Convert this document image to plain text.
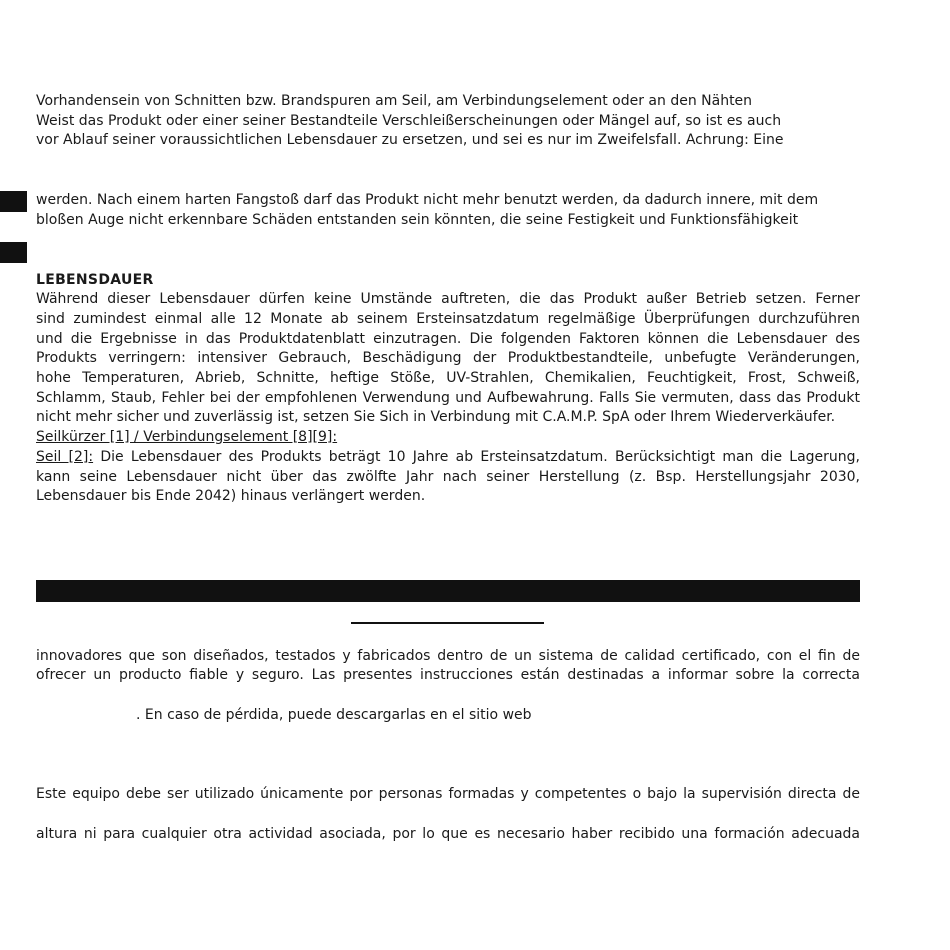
Vorhandensein von Schnitten bzw. Brandspuren am Seil, am Verbindungselement oder an den Nähten
Weist das Produkt oder einer seiner Bestandteile Verschleißerscheinungen oder Mängel auf, so ist es auch
vor Ablauf seiner voraussichtlichen Lebensdauer zu ersetzen, und sei es nur im Zweifelsfall. Achrung: Eine
werden. Nach einem harten Fangstoß darf das Produkt nicht mehr benutzt werden, da dadurch innere, mit dem
bloßen Auge nicht erkennbare Schäden entstanden sein könnten, die seine Festigkeit und Funktionsfähigkeit
LEBENSDAUER
Während dieser Lebensdauer dürfen keine Umstände auftreten, die das Produkt außer Betrieb setzen. Ferner
sind zumindest einmal alle 12 Monate ab seinem Ersteinsatzdatum regelmäßige Überprüfungen durchzuführen
und die Ergebnisse in das Produktdatenblatt einzutragen. Die folgenden Faktoren können die Lebensdauer des
Produkts verringern: intensiver Gebrauch, Beschädigung der Produktbestandteile, unbefugte Veränderungen,
hohe Temperaturen, Abrieb, Schnitte, heftige Stöße, UV-Strahlen, Chemikalien, Feuchtigkeit, Frost, Schweiß,
Schlamm, Staub, Fehler bei der empfohlenen Verwendung und Aufbewahrung. Falls Sie vermuten, dass das Produkt
nicht mehr sicher und zuverlässig ist, setzen Sie Sich in Verbindung mit C.A.M.P. SpA oder Ihrem Wiederverkäufer.
Seilkürzer [1] / Verbindungselement [8][9]:
Seil [2]: Die Lebensdauer des Produkts beträgt 10 Jahre ab Ersteinsatzdatum. Berücksichtigt man die Lagerung,
kann seine Lebensdauer nicht über das zwölfte Jahr nach seiner Herstellung (z. Bsp. Herstellungsjahr 2030,
Lebensdauer bis Ende 2042) hinaus verlängert werden.
innovadores que son diseñados, testados y fabricados dentro de un sistema de calidad certificado, con el fin de
ofrecer un producto fiable y seguro. Las presentes instrucciones están destinadas a informar sobre la correcta
. En caso de pérdida, puede descargarlas en el sitio web
Este equipo debe ser utilizado únicamente por personas formadas y competentes o bajo la supervisión directa de
altura ni para cualquier otra actividad asociada, por lo que es necesario haber recibido una formación adecuada
